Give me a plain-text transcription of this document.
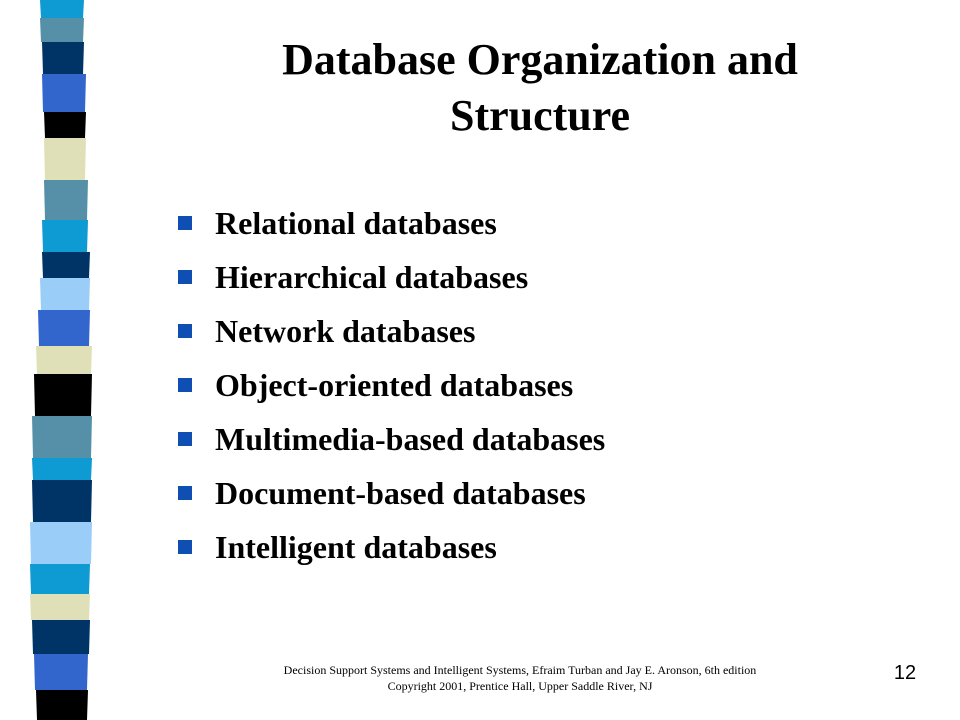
Database Organization and
Structure
Relational databases
Hierarchical databases
Network databases
Object-oriented databases
Multimedia-based databases
Document-based databases
Intelligent databases
Decision Support Systems and Intelligent Systems, Efraim Turban and Jay E. Aronson, 6th edition
Copyright 2001, Prentice Hall, Upper Saddle River, NJ
12
